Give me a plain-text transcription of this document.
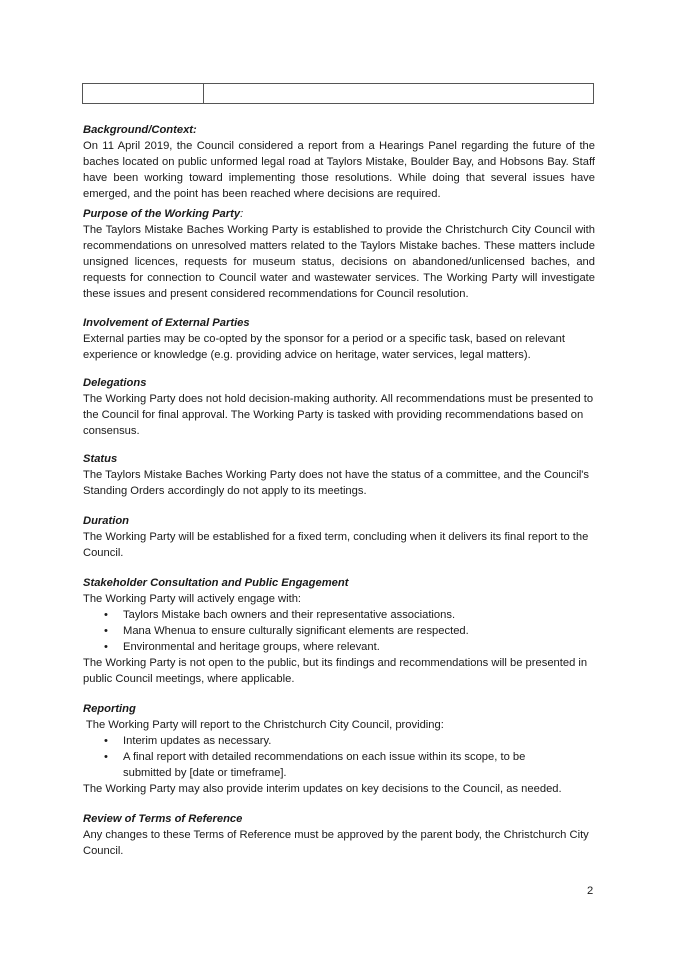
Background/Context:

On 11 April 2019, the Council considered a report from a Hearings Panel regarding the future of the baches located on public unformed legal road at Taylors Mistake, Boulder Bay, and Hobsons Bay. Staff have been working toward implementing those resolutions. While doing that several issues have emerged, and the point has been reached where decisions are required.

Purpose of the Working Party:

The Taylors Mistake Baches Working Party is established to provide the Christchurch City Council with recommendations on unresolved matters related to the Taylors Mistake baches. These matters include unsigned licences, requests for museum status, decisions on abandoned/unlicensed baches, and requests for connection to Council water and wastewater services. The Working Party will investigate these issues and present considered recommendations for Council resolution.

Involvement of External Parties

External parties may be co-opted by the sponsor for a period or a specific task, based on relevant experience or knowledge (e.g. providing advice on heritage, water services, legal matters).

Delegations

The Working Party does not hold decision-making authority. All recommendations must be presented to the Council for final approval. The Working Party is tasked with providing recommendations based on consensus.

Status

The Taylors Mistake Baches Working Party does not have the status of a committee, and the Council's Standing Orders accordingly do not apply to its meetings.

Duration

The Working Party will be established for a fixed term, concluding when it delivers its final report to the Council.

Stakeholder Consultation and Public Engagement

The Working Party will actively engage with:

• Taylors Mistake bach owners and their representative associations.
• Mana Whenua to ensure culturally significant elements are respected.
• Environmental and heritage groups, where relevant.

The Working Party is not open to the public, but its findings and recommendations will be presented in public Council meetings, where applicable.

Reporting

The Working Party will report to the Christchurch City Council, providing:

• Interim updates as necessary.
• A final report with detailed recommendations on each issue within its scope, to be submitted by [date or timeframe].

The Working Party may also provide interim updates on key decisions to the Council, as needed.

Review of Terms of Reference

Any changes to these Terms of Reference must be approved by the parent body, the Christchurch City Council.

2
